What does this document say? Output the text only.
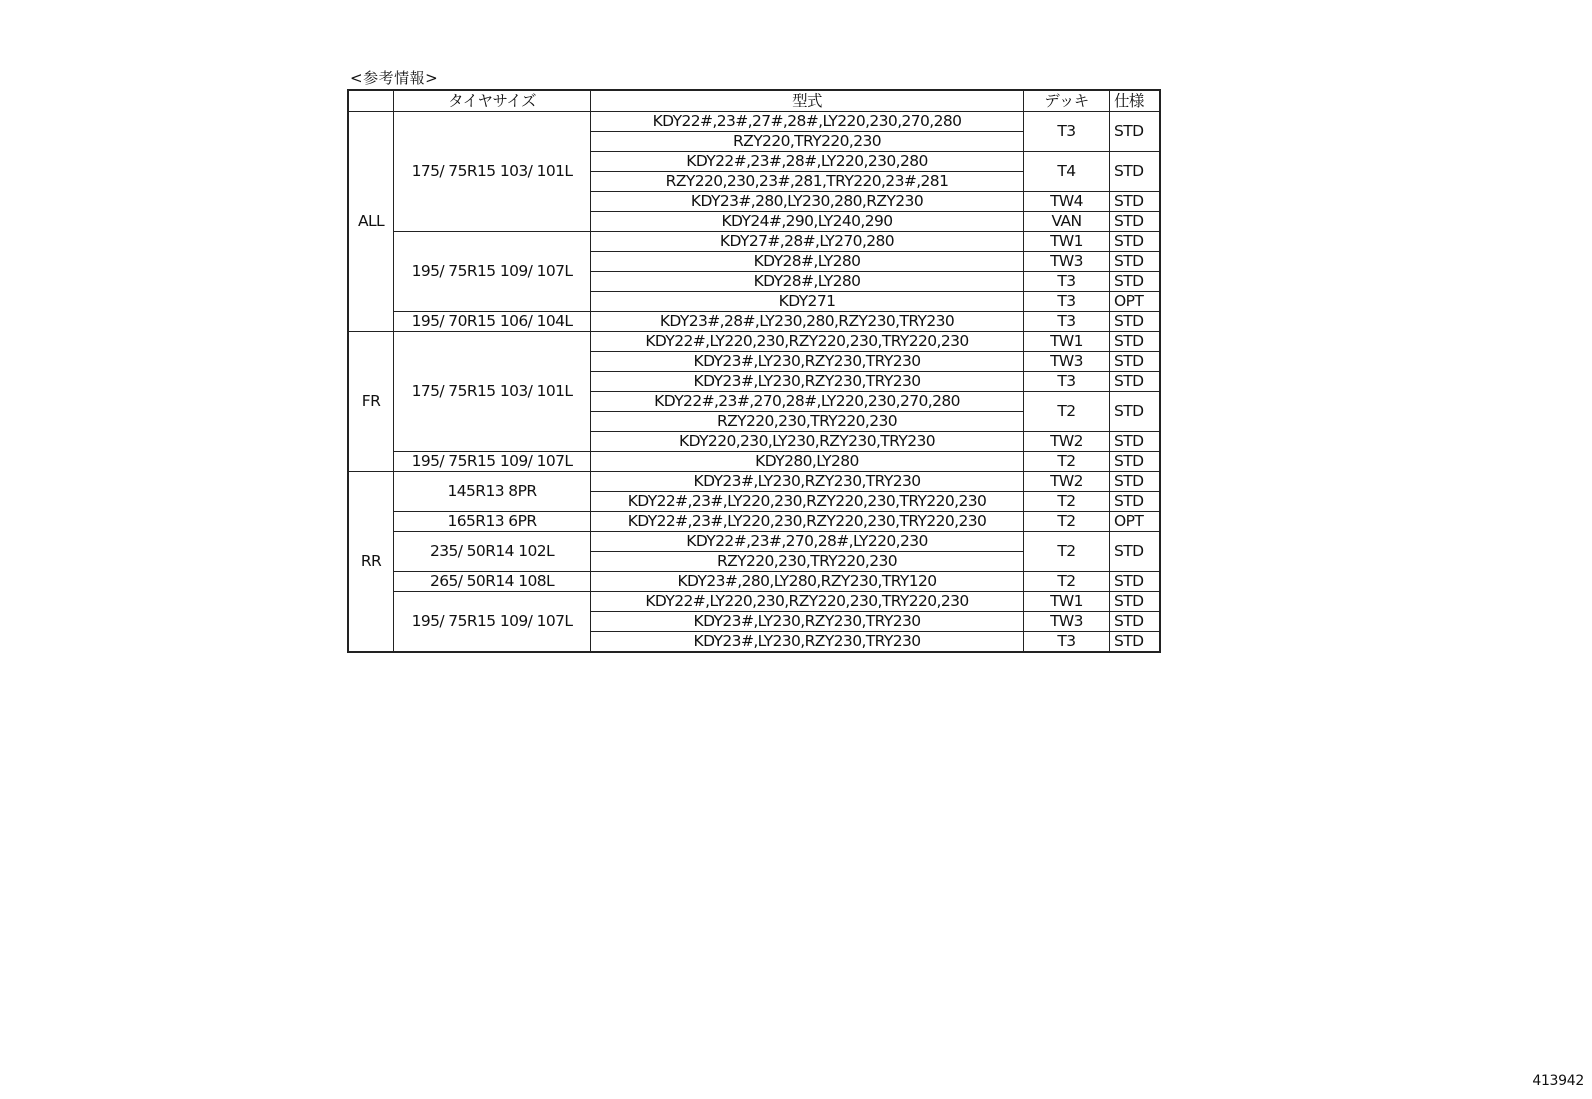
<参考情報>
	タイヤサイズ	型式	デッキ	仕様
ALL	175/ 75R15 103/ 101L	KDY22#,23#,27#,28#,LY220,230,270,280	T3	STD
		RZY220,TRY220,230		
		KDY22#,23#,28#,LY220,230,280	T4	STD
		RZY220,230,23#,281,TRY220,23#,281		
		KDY23#,280,LY230,280,RZY230	TW4	STD
		KDY24#,290,LY240,290	VAN	STD
	195/ 75R15 109/ 107L	KDY27#,28#,LY270,280	TW1	STD
		KDY28#,LY280	TW3	STD
		KDY28#,LY280	T3	STD
		KDY271	T3	OPT
	195/ 70R15 106/ 104L	KDY23#,28#,LY230,280,RZY230,TRY230	T3	STD
FR	175/ 75R15 103/ 101L	KDY22#,LY220,230,RZY220,230,TRY220,230	TW1	STD
		KDY23#,LY230,RZY230,TRY230	TW3	STD
		KDY23#,LY230,RZY230,TRY230	T3	STD
		KDY22#,23#,270,28#,LY220,230,270,280	T2	STD
		RZY220,230,TRY220,230		
		KDY220,230,LY230,RZY230,TRY230	TW2	STD
	195/ 75R15 109/ 107L	KDY280,LY280	T2	STD
RR	145R13 8PR	KDY23#,LY230,RZY230,TRY230	TW2	STD
		KDY22#,23#,LY220,230,RZY220,230,TRY220,230	T2	STD
	165R13 6PR	KDY22#,23#,LY220,230,RZY220,230,TRY220,230	T2	OPT
	235/ 50R14 102L	KDY22#,23#,270,28#,LY220,230	T2	STD
		RZY220,230,TRY220,230		
	265/ 50R14 108L	KDY23#,280,LY280,RZY230,TRY120	T2	STD
	195/ 75R15 109/ 107L	KDY22#,LY220,230,RZY220,230,TRY220,230	TW1	STD
		KDY23#,LY230,RZY230,TRY230	TW3	STD
		KDY23#,LY230,RZY230,TRY230	T3	STD
413942
